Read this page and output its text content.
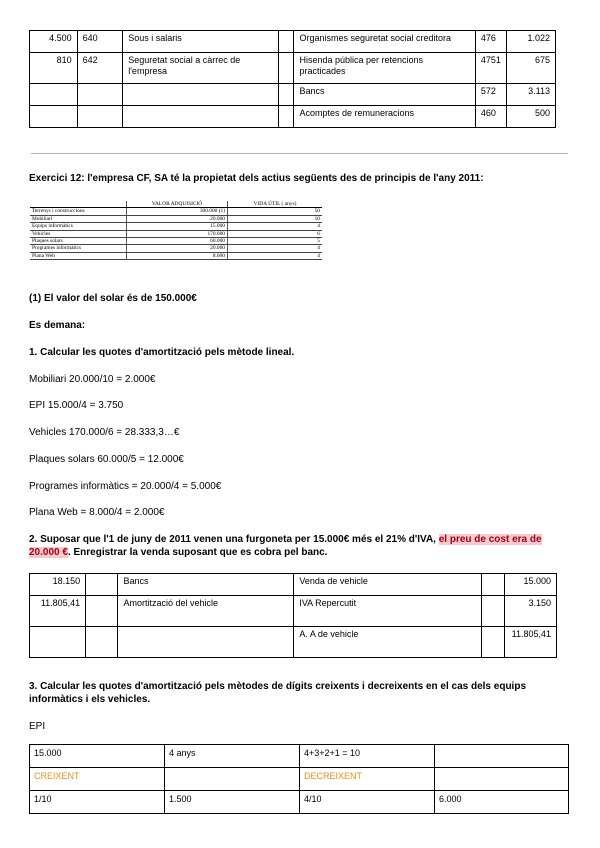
4.500	640	Sous i salaris		Organismes seguretat social creditora	476	1.022
810	642	Seguretat social a càrrec de l'empresa		Hisenda pública per retencions practicades	4751	675
				Bancs	572	3.113
				Acomptes de remuneracions	460	500
Exercici 12: l'empresa CF, SA té la propietat dels actius següents des de principis de l'any 2011:
	VALOR ADQUISICIÓ	VIDA ÚTIL ( anys)
Terrenys i construccions	300.000 (1)	50
Mobiliari	20.000	10
Equips informàtics	15.000	4
Vehicles	170.000	6
Plaques solars	60.000	5
Programes informàtics	20.000	4
Plana Web	8.000	4
(1) El valor del solar és de 150.000€
Es demana:
1. Calcular les quotes d'amortització pels mètode lineal.
Mobiliari 20.000/10 = 2.000€
EPI 15.000/4 = 3.750
Vehicles 170.000/6 = 28.333,3…€
Plaques solars 60.000/5 = 12.000€
Programes informàtics = 20.000/4 = 5.000€
Plana Web = 8.000/4 = 2.000€
2. Suposar que l'1 de juny de 2011 venen una furgoneta per 15.000€ més el 21% d'IVA, el preu de cost era de 20.000 €. Enregistrar la venda suposant que es cobra pel banc.
18.150		Bancs	Venda de vehicle		15.000
11.805,41		Amortització del vehicle	IVA Repercutit		3.150
			A. A de vehicle		11.805,41
3. Calcular les quotes d'amortització pels mètodes de dígits creixents i decreixents en el cas dels equips informàtics i els vehicles.
EPI
15.000	4 anys	4+3+2+1 = 10	
CREIXENT		DECREIXENT	
1/10	1.500	4/10	6.000
